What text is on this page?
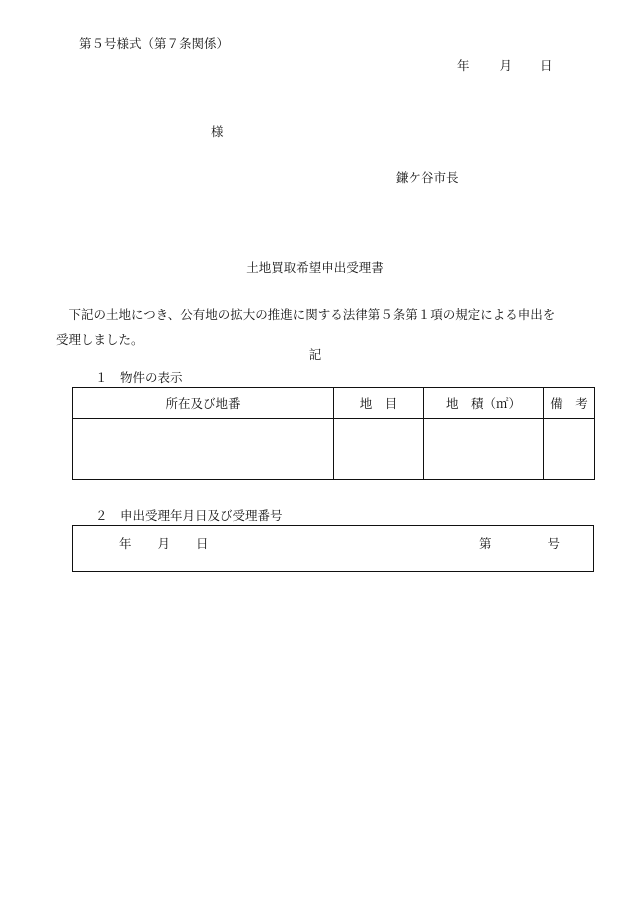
第５号様式（第７条関係）
年 月 日
様
鎌ケ谷市長
土地買取希望申出受理書
　下記の土地につき、公有地の拡大の推進に関する法律第５条第１項の規定による申出を受理しました。
記
１　物件の表示
所在及び地番	地　目	地　積（㎡）	備　考

２　申出受理年月日及び受理番号
年 月 日	第	号
